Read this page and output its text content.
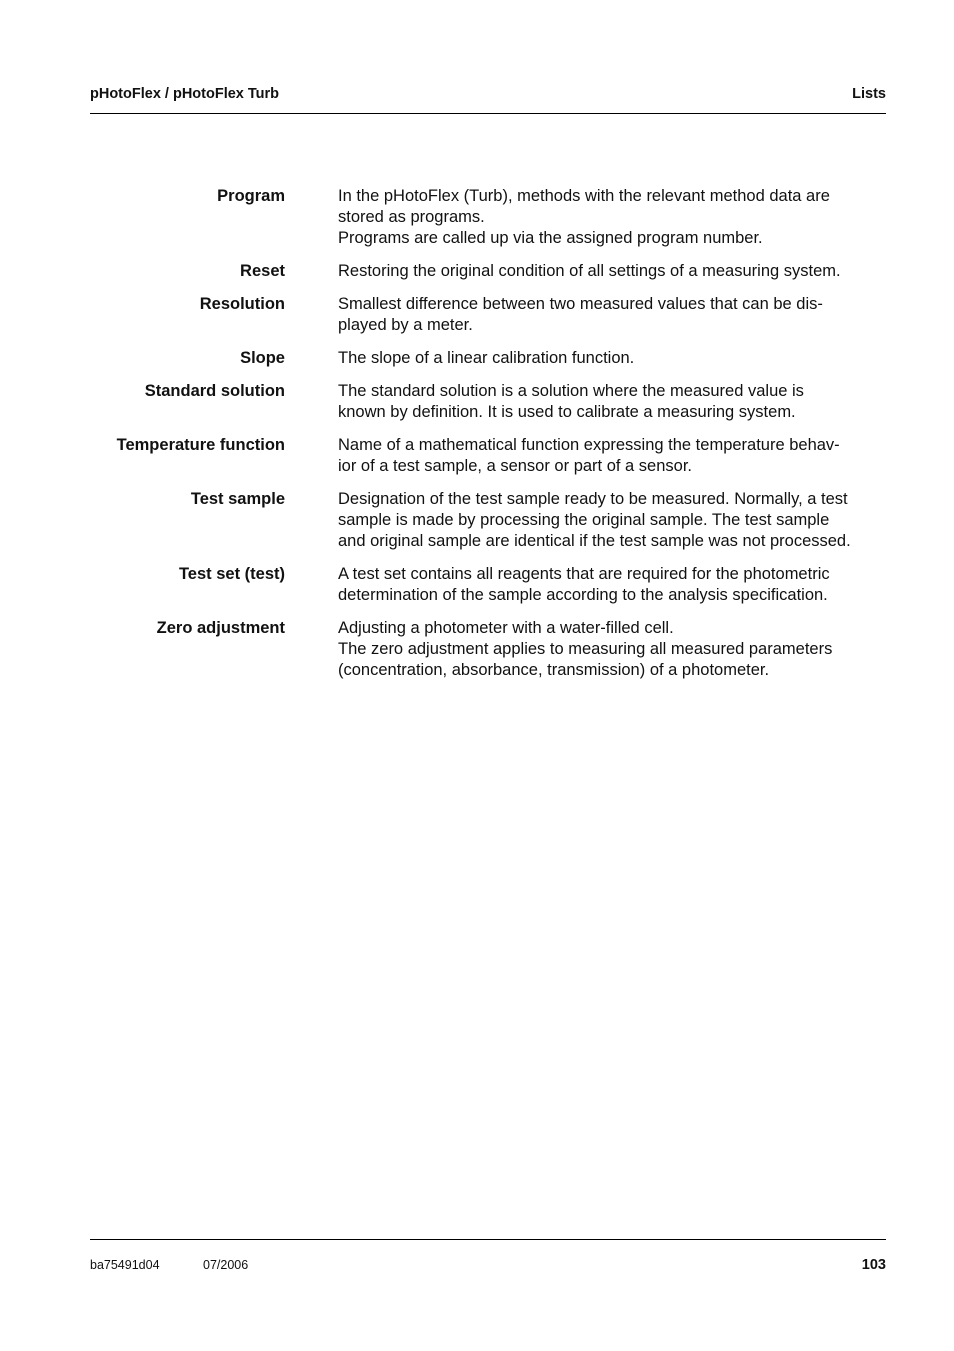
pHotoFlex / pHotoFlex Turb	Lists
Program	In the pHotoFlex (Turb), methods with the relevant method data are

stored as programs.

Programs are called up via the assigned program number.

Reset	Restoring the original condition of all settings of a measuring system.

Resolution	Smallest difference between two measured values that can be dis-

played by a meter.

Slope	The slope of a linear calibration function.

Standard solution	The standard solution is a solution where the measured value is

known by definition. It is used to calibrate a measuring system.

Temperature function	Name of a mathematical function expressing the temperature behav-

ior of a test sample, a sensor or part of a sensor.

Test sample	Designation of the test sample ready to be measured. Normally, a test

sample is made by processing the original sample. The test sample

and original sample are identical if the test sample was not processed.

Test set (test)	A test set contains all reagents that are required for the photometric

determination of the sample according to the analysis specification.

Zero adjustment	Adjusting a photometer with a water-filled cell.

The zero adjustment applies to measuring all measured parameters

(concentration, absorbance, transmission) of a photometer.

ba75491d04	07/2006	103
